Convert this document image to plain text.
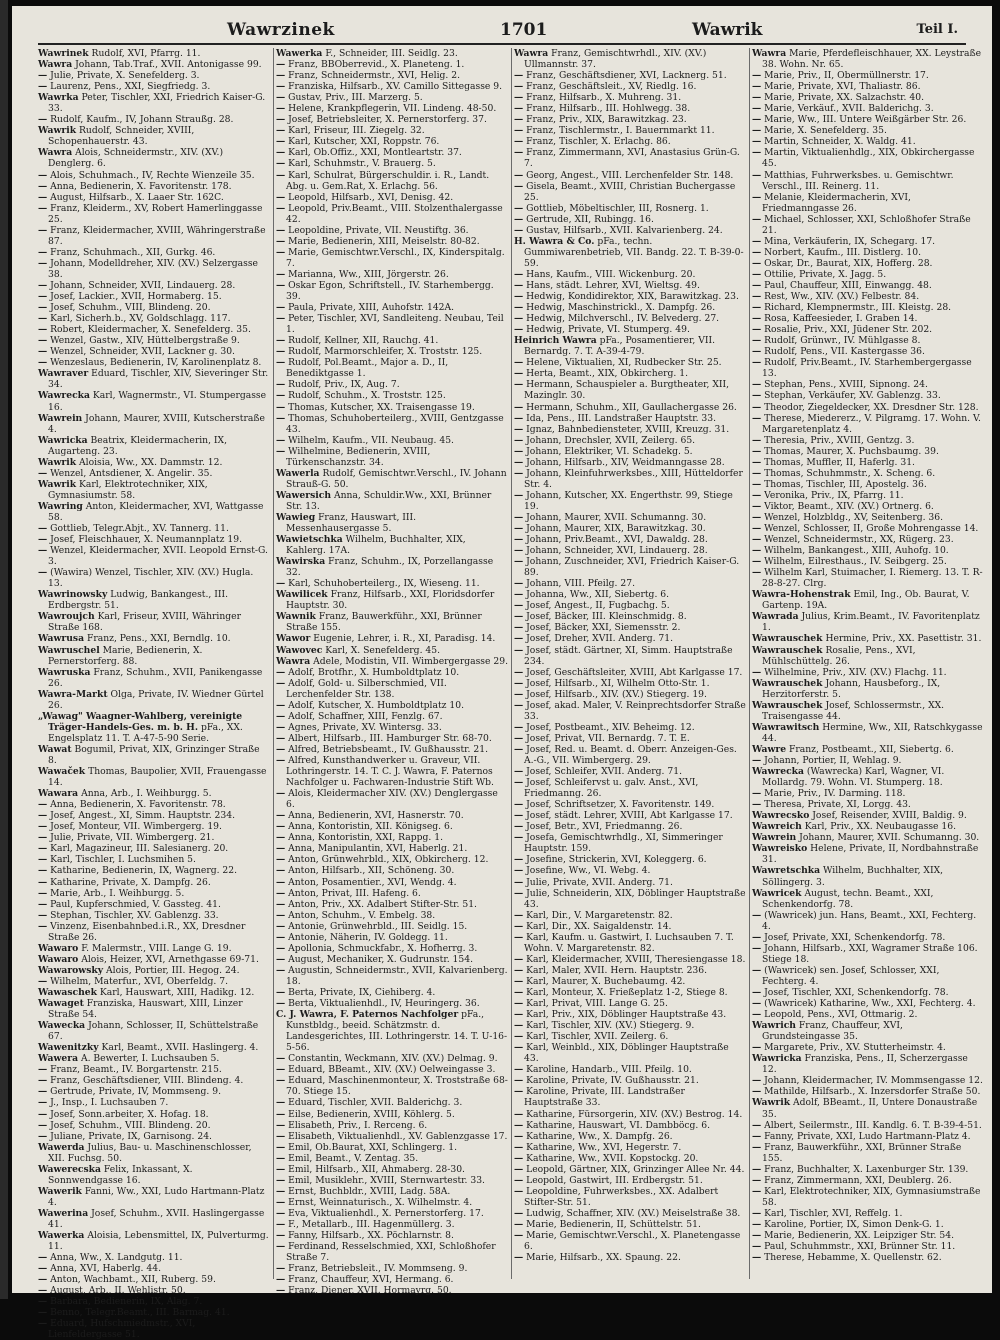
Wawrzinek	1701	Wawrik	Teil I.
Wawrinek Rudolf, XVI, Pfarrg. 11.
Wawra Johann, Tab.Traf., XVII. Antonigasse 99.
— Julie, Private, X. Senefelderg. 3.
— Laurenz, Pens., XXI, Siegfriedg. 3.
Wawrka Peter, Tischler, XXI, Friedrich Kaiser-G. 33.
— Rudolf, Kaufm., IV, Johann Straußg. 28.
Wawrik Rudolf, Schneider, XVIII, Schopenhauerstr. 43.
Wawra Alois, Schneidermstr., XIV. (XV.) Denglerg. 6.
— Alois, Schuhmach., IV, Rechte Wienzeile 35.
— Anna, Bedienerin, X. Favoritenstr. 178.
— August, Hilfsarb., X. Laaer Str. 162C.
— Franz, Kleiderm., XV, Robert Hamerlinggasse 25.
— Franz, Kleidermacher, XVIII, Währingerstraße 87.
— Franz, Schuhmach., XII, Gurkg. 46.
— Johann, Modelldreher, XIV. (XV.) Selzergasse 38.
— Johann, Schneider, XVII, Lindauerg. 28.
— Josef, Lackier., XVII, Hormaberg. 15.
— Josef, Schuhm., VIII, Blindeng. 20.
— Karl, Sicherh.b., XV, Goldschlagg. 117.
— Robert, Kleidermacher, X. Senefelderg. 35.
— Wenzel, Gastw., XIV, Hüttelbergstraße 9.
— Wenzel, Schneider, XVII, Lackner g. 30.
— Wenzeslaus, Bedienerin, IV, Karolinenplatz 8.
Wawraver Eduard, Tischler, XIV, Sieveringer Str. 34.
Wawrecka Karl, Wagnermstr., VI. Stumpergasse 16.
Wawrein Johann, Maurer, XVIII, Kutscherstraße 4.
Wawricka Beatrix, Kleidermacherin, IX, Augarteng. 23.
Wawrik Aloisia, Ww., XX. Dammstr. 12.
— Wenzel, Antsdiener, X. Angeliг. 35.
Wawrik Karl, Elektrotechniker, XIX, Gymnasiumstr. 58.
Wawring Anton, Kleidermacher, XVI, Wattgasse 58.
— Gottlieb, Telegr.Abjt., XV. Tannerg. 11.
— Josef, Fleischhauer, X. Neumannplatz 19.
— Wenzel, Kleidermacher, XVII. Leopold Ernst-G. 3.
— (Wawira) Wenzel, Tischler, XIV. (XV.) Hugla. 13.
Wawrinowsky Ludwig, Bankangest., III. Erdbergstr. 51.
Wawroujch Karl, Friseur, XVIII, Währinger Straße 168.
Wawrusa Franz, Pens., XXI, Berndlg. 10.
Wawruschel Marie, Bedienerin, X. Pernerstorferg. 88.
Wawruska Franz, Schuhm., XVII, Panikengasse 26.
Wawra-Markt Olga, Private, IV. Wiedner Gürtel 26.
„Wawag" Waagner-Wahlberg, vereinigte Träger-Handels-Ges. m. b. H. pFa., XX. Engelsplatz 11. T. A-47-5-90 Serie.
Wawat Bogumil, Privat, XIX, Grinzinger Straße 8.
Wawaček Thomas, Baupolier, XVII, Frauengasse 14.
Wawara Anna, Arb., I. Weihburgg. 5.
— Anna, Bedienerin, X. Favoritenstr. 78.
— Josef, Angest., XI, Simm. Hauptstr. 234.
— Josef, Monteur, VII. Wimbergerg. 19.
— Julie, Private, VII. Wimbergerg. 21.
— Karl, Magazineur, III. Salesianerg. 20.
— Karl, Tischler, I. Luchsmihen 5.
— Katharine, Bedienerin, IX, Wagnerg. 22.
— Katharine, Private, X. Dampfg. 26.
— Marie, Arb., I. Weihburgg. 5.
— Paul, Kupferschmied, V. Gassteg. 41.
— Stephan, Tischler, XV. Gablenzg. 33.
— Vinzenz, Eisenbahnbed.i.R., XX, Dresdner Straße 26.
Wawaro F. Malermstr., VIII. Lange G. 19.
Wawaro Alois, Heizer, XVI, Arnethgasse 69-71.
Wawarowsky Alois, Portier, III. Hegog. 24.
— Wilhelm, Materfur., XVI, Oberfeldg. 7.
Wawaschek Karl, Hauswart, XIII, Hadikg. 12.
Wawaget Franziska, Hauswart, XIII, Linzer Straße 54.
Wawecka Johann, Schlosser, II, Schüttelstraße 67.
Wawenitzky Karl, Beamt., XVII. Haslingerg. 4.
Wawera A. Bewerter, I. Luchsauben 5.
— Franz, Beamt., IV. Borgartenstr. 215.
— Franz, Geschäftsdiener, VIII. Blindeng. 4.
— Gertrude, Private, IV, Mommseng. 9.
— J., Insp., I. Luchsauben 7.
— Josef, Sonn.arbeiter, X. Hofag. 18.
— Josef, Schuhm., VIII. Blindeng. 20.
— Juliane, Private, IX, Garnisong. 24.
Wawerda Julius, Bau- u. Maschinenschlosser, XII. Fuchsg. 50.
Wawerecska Felix, Inkassant, X. Sonnwendgasse 16.
Wawerik Fanni, Ww., XXI, Ludo Hartmann-Platz 4.
Wawerina Josef, Schuhm., XVII. Haslingergasse 41.
Wawerka Aloisia, Lebensmittel, IX, Pulverturmg. 11.
— Anna, Ww., X. Landgutg. 11.
— Anna, XVI, Haberlg. 44.
— Anton, Wachbamt., XII, Ruberg. 59.
— August, Arb., II. Wehlistr. 50.
— Barbara, Bedienerin, IX, Alag. 7.
— Benno, Telegr.Beamt., III. Barmag. 41.
— Eduard, Hufschmiedmstr., XVI, Lienfeldergasse 51.
Wawerka F., Schneider, III. Seidlg. 23.
— Franz, BBOberrevid., X. Planeteng. 1.
— Franz, Schneidermstr., XVI, Helig. 2.
— Franziska, Hilfsarb., XV. Camillo Sittegasse 9.
— Gustav, Priv., III. Marzerg. 5.
— Helene, Krankpflegerin, VII. Lindeng. 48-50.
— Josef, Betriebsleiter, X. Pernerstorferg. 37.
— Karl, Friseur, III. Ziegelg. 32.
— Karl, Kutscher, XXI, Roppstr. 76.
— Karl, Ob.Offiz., XXI, Montleartstr. 37.
— Karl, Schuhmstr., V. Brauerg. 5.
— Karl, Schulrat, Bürgerschuldir. i. R., Landt. Abg. u. Gem.Rat, X. Erlachg. 56.
— Leopold, Hilfsarb., XVI, Denisg. 42.
— Leopold, Priv.Beamt., VIII. Stolzenthalergasse 42.
— Leopoldine, Private, VII. Neustiftg. 36.
— Marie, Bedienerin, XIII, Meiselstr. 80-82.
— Marie, Gemischtwr.Verschl., IX, Kinderspitalg. 7.
— Marianna, Ww., XIII, Jörgerstr. 26.
— Oskar Egon, Schriftstell., IV. Starhembergg. 39.
— Paula, Private, XIII, Auhofstr. 142A.
— Peter, Tischler, XVI, Sandleiteng. Neubau, Teil 1.
— Rudolf, Kellner, XII, Rauchg. 41.
— Rudolf, Marmorschleifer, X. Troststr. 125.
— Rudolf, Pol.Beamt., Major a. D., II, Benediktgasse 1.
— Rudolf, Priv., IX, Aug. 7.
— Rudolf, Schuhm., X. Troststr. 125.
— Thomas, Kutscher, XX. Traisengasse 19.
— Thomas, Schuhoberteilerg., XVIII, Gentzgasse 43.
— Wilhelm, Kaufm., VII. Neubaug. 45.
— Wilhelmine, Bedienerin, XVIII, Türkenschanzstr. 34.
Wawerla Rudolf, Gemischtwr.Verschl., IV. Johann Strauß-G. 50.
Wawersich Anna, Schuldir.Ww., XXI, Brünner Str. 13.
Wawieg Franz, Hauswart, III. Messenhausergasse 5.
Wawietschka Wilhelm, Buchhalter, XIX, Kahlerg. 17A.
Wawirska Franz, Schuhm., IX, Porzellangasse 32.
— Karl, Schuhoberteilerg., IX, Wieseng. 11.
Wawilicek Franz, Hilfsarb., XXI, Floridsdorfer Hauptstr. 30.
Wawnik Franz, Bauwerkführ., XXI, Brünner Straße 155.
Wawor Eugenie, Lehrer, i. R., XI, Paradisg. 14.
Wawovec Karl, X. Senefelderg. 45.
Wawra Adele, Modistin, VII. Wimbergergasse 29.
— Adolf, Brotfhr., X. Humboldtplatz 10.
— Adolf, Gold- u. Silberschmied, VII. Lerchenfelder Str. 138.
— Adolf, Kutscher, X. Humboldtplatz 10.
— Adolf, Schaffner, XIII, Fenzlg. 67.
— Agnes, Private, XV. Wintersg. 33.
— Albert, Hilfsarb., III. Hamburger Str. 68-70.
— Alfred, Betriebsbeamt., IV. Gußhausstr. 21.
— Alfred, Kunsthandwerker u. Graveur, VII. Lothringerstr. 14. T. C. J. Wawra, F. Paternos Nachfolger u. Fachwaren-Industrie Stift Wb.
— Alois, Kleidermacher XIV. (XV.) Denglergasse 6.
— Anna, Bedienerin, XVI, Hasnerstr. 70.
— Anna, Kontoristin, XII. Königseg. 6.
— Anna, Kontoristin, XXI, Rappg. 1.
— Anna, Manipulantin, XVI, Haberlg. 21.
— Anton, Grünwehrbld., XIX, Obkircherg. 12.
— Anton, Hilfsarb., XII, Schöneng. 30.
— Anton, Posamentier., XVI, Wendg. 4.
— Anton, Privat, III. Hafeng. 6.
— Anton, Priv., XX. Adalbert Stifter-Str. 51.
— Anton, Schuhm., V. Embelg. 38.
— Antonie, Grünwehrbld., III. Seidlg. 15.
— Antonie, Näherin, IV. Goldegg. 11.
— Apollonia, Schmuckfabr., X. Hofherrg. 3.
— August, Mechaniker, X. Gudrunstr. 154.
— Augustin, Schneidermstr., XVII, Kalvarienberg. 18.
— Berta, Private, IX, Ciehiberg. 4.
— Berta, Viktualienhdl., IV, Heuringerg. 36.
C. J. Wawra, F. Paternos Nachfolger pFa., Kunstbldg., beeid. Schätzmstr. d. Landesgerichtes, III. Lothringerstr. 14. T. U-16-5-56.
— Constantin, Weckmann, XIV. (XV.) Delmag. 9.
— Eduard, BBeamt., XIV. (XV.) Oelweingasse 3.
— Eduard, Maschinenmonteur, X. Troststraße 68-70. Stiege 15.
— Eduard, Tischler, XVII. Balderichg. 3.
— Eilse, Bedienerin, XVIII, Köhlerg. 5.
— Elisabeth, Priv., I. Rerceng. 6.
— Elisabeth, Viktualienhdl., XV. Gablenzgasse 17.
— Emil, Ob.Baurat, XXI, Schlingerg. 1.
— Emil, Beamt., V. Zentag. 35.
— Emil, Hilfsarb., XII, Ahmaberg. 28-30.
— Emil, Musiklehr., XVIII, Sternwartestr. 33.
— Ernst, Buchbldr., XVIII, Ladg. 58A.
— Ernst, Weinnaturisch., X. Wilhelmstr. 4.
— Eva, Viktualienhdl., X. Pernerstorferg. 17.
— F., Metallarb., III. Hagenmüllerg. 3.
— Fanny, Hilfsarb., XX. Pöchlarnstr. 8.
— Ferdinand, Resselschmied, XXI, Schloßhofer Straße 7.
— Franz, Betriebsleit., IV. Mommseng. 9.
— Franz, Chauffeur, XVI, Hermang. 6.
— Franz, Diener, XVII. Hormayrg. 50.
Wawra Franz, Gemischtwrhdl., XIV. (XV.) Ullmannstr. 37.
— Franz, Geschäftsdiener, XVI, Lacknerg. 51.
— Franz, Geschäftsleit., XV, Riedlg. 16.
— Franz, Hilfsarb., X. Muhreng. 31.
— Franz, Hilfsarb., III. Hohlwegg. 38.
— Franz, Priv., XIX, Barawitzkag. 23.
— Franz, Tischlermstr., I. Bauernmarkt 11.
— Franz, Tischler, X. Erlachg. 86.
— Franz, Zimmermann, XVI, Anastasius Grün-G. 7.
— Georg, Angest., VIII. Lerchenfelder Str. 148.
— Gisela, Beamt., XVIII, Christian Buchergasse 25.
— Gottlieb, Möbeltischler, III, Rosnerg. 1.
— Gertrude, XII, Rubingg. 16.
— Gustav, Hilfsarb., XVII. Kalvarienberg. 24.
H. Wawra & Co. pFa., techn. Gummiwarenbetrieb, VII. Bandg. 22. T. B-39-0-59.
— Hans, Kaufm., VIII. Wickenburg. 20.
— Hans, städt. Lehrer, XVI, Wieltsg. 49.
— Hedwig, Kondidirektor, XIX, Barawitzkag. 23.
— Hedwig, Maschinstrickl., X. Dampfg. 26.
— Hedwig, Milchverschl., IV. Belvederg. 27.
— Hedwig, Private, VI. Stumperg. 49.
Heinrich Wawra pFa., Posamentierer, VII. Bernardg. 7. T. A-39-4-79.
— Helene, Viktualien, XI, Rudbecker Str. 25.
— Herta, Beamt., XIX, Obkircherg. 1.
— Hermann, Schauspieler a. Burgtheater, XII, Mazinglr. 30.
— Hermann, Schuhm., XII, Gaullachergasse 26.
— Ida, Pens., III. Landstraßer Hauptstr. 33.
— Ignaz, Bahnbediensteter, XVIII, Kreuzg. 31.
— Johann, Drechsler, XVII, Zeilerg. 65.
— Johann, Elektriker, VI. Schadekg. 5.
— Johann, Hilfsarb., XIV, Weidmanngasse 28.
— Johann, Kleinfuhrwerksbes., XIII, Hütteldorfer Str. 4.
— Johann, Kutscher, XX. Engerthstr. 99, Stiege 19.
— Johann, Maurer, XVII. Schumanng. 30.
— Johann, Maurer, XIX, Barawitzkag. 30.
— Johann, Priv.Beamt., XVI, Dawaldg. 28.
— Johann, Schneider, XVI, Lindauerg. 28.
— Johann, Zuschneider, XVI, Friedrich Kaiser-G. 89.
— Johann, VIII. Pfeilg. 27.
— Johanna, Ww., XII, Siebertg. 6.
— Josef, Angest., II, Fugbachg. 5.
— Josef, Bäcker, III. Kleinschmidg. 8.
— Josef, Bäcker, XXI, Siemensstr. 2.
— Josef, Dreher, XVII. Anderg. 71.
— Josef, städt. Gärtner, XI, Simm. Hauptstraße 234.
— Josef, Geschäftsleiter, XVIII, Abt Karlgasse 17.
— Josef, Hilfsarb., XI, Wilhelm Otto-Str. 1.
— Josef, Hilfsarb., XIV. (XV.) Stiegerg. 19.
— Josef, akad. Maler, V. Reinprechtsdorfer Straße 33.
— Josef, Postbeamt., XIV. Beheimg. 12.
— Josef, Privat, VII. Bernardg. 7. T. E.
— Josef, Red. u. Beamt. d. Oberr. Anzeigen-Ges. A.-G., VII. Wimbergerg. 29.
— Josef, Schleifer, XVII. Anderg. 71.
— Josef, Schleifervst u. galv. Anst., XVI, Friedmanng. 26.
— Josef, Schriftsetzer, X. Favoritenstr. 149.
— Josef, städt. Lehrer, XVIII, Abt Karlgasse 17.
— Josef, Betr., XVI, Friedmanng. 26.
— Josefa, Gemischtwrhdlg., XI, Simmeringer Hauptstr. 159.
— Josefine, Strickerin, XVI, Koleggerg. 6.
— Josefine, Ww., VI. Webg. 4.
— Julie, Private, XVII. Anderg. 71.
— Julie, Schneiderin, XIX, Döblinger Hauptstraße 43.
— Karl, Dir., V. Margaretenstr. 82.
— Karl, Dir., XX. Saigaldenstr. 14.
— Karl, Kaufm. u. Gastwirt, I. Luchsauben 7. T. Wohn. V. Margaretenstr. 82.
— Karl, Kleidermacher, XVIII, Theresiengasse 18.
— Karl, Maler, XVII. Hern. Hauptstr. 236.
— Karl, Maurer, X. Buchebaumg. 42.
— Karl, Monteur, X. Frießeplatz 1-2, Stiege 8.
— Karl, Privat, VIII. Lange G. 25.
— Karl, Priv., XIX, Döblinger Hauptstraße 43.
— Karl, Tischler, XIV. (XV.) Stiegerg. 9.
— Karl, Tischler, XVII. Zeilerg. 6.
— Karl, Weinbld., XIX, Döblinger Hauptstraße 43.
— Karoline, Handarb., VIII. Pfeilg. 10.
— Karoline, Private, IV. Gußhausstr. 21.
— Karoline, Private, III. Landstraßer Hauptstraße 33.
— Katharine, Fürsorgerin, XIV. (XV.) Bestrog. 14.
— Katharine, Hauswart, VI. Dambböcg. 6.
— Katharine, Ww., X. Dampfg. 26.
— Katharine, Ww., XVI, Hegerstr. 7.
— Katharine, Ww., XVII. Kopstockg. 20.
— Leopold, Gärtner, XIX, Grinzinger Allee Nr. 44.
— Leopold, Gastwirt, III. Erdbergstr. 51.
— Leopoldine, Fuhrwerksbes., XX. Adalbert Stifter-Str. 51.
— Ludwig, Schaffner, XIV. (XV.) Meiselstraße 38.
— Marie, Bedienerin, II, Schüttelstr. 51.
— Marie, Gemischtwr.Verschl., X. Planetengasse 6.
— Marie, Hilfsarb., XX. Spaung. 22.
Wawra Marie, Pferdefleischhauer, XX. Leystraße 38. Wohn. Nr. 65.
— Marie, Priv., II, Obermüllnerstr. 17.
— Marie, Private, XVI, Thaliastr. 86.
— Marie, Private, XX. Salzachstr. 40.
— Marie, Verkäuf., XVII. Balderichg. 3.
— Marie, Ww., III. Untere Weißgärber Str. 26.
— Marie, X. Senefelderg. 35.
— Martin, Schneider, X. Waldg. 41.
— Martin, Viktualienhdlg., XIX, Obkirchergasse 45.
— Matthias, Fuhrwerksbes. u. Gemischtwr. Verschl., III. Reinerg. 11.
— Melanie, Kleidermacherin, XVI, Friedmanngasse 26.
— Michael, Schlosser, XXI, Schloßhofer Straße 21.
— Mina, Verkäuferin, IX, Schegarg. 17.
— Norbert, Kaufm., III. Distlerg. 10.
— Oskar, Dr., Baurat, XIX, Hofferg. 28.
— Ottilie, Private, X. Jagg. 5.
— Paul, Chauffeur, XIII, Einwangg. 48.
— Rest, Ww., XIV. (XV.) Felbestr. 84.
— Richard, Klempnermstr., III. Kleistg. 28.
— Rosa, Kaffeesieder, I. Graben 14.
— Rosalie, Priv., XXI, Jüdener Str. 202.
— Rudolf, Grünwr., IV. Mühlgasse 8.
— Rudolf, Pens., VII. Kastergasse 36.
— Rudolf, Priv.Beamt., IV. Starhembergergasse 13.
— Stephan, Pens., XVIII, Sipnong. 24.
— Stephan, Verkäufer, XV. Gablenzg. 33.
— Theodor, Ziegeldecker, XX. Dresdner Str. 128.
— Therese, Miedererz., V. Pilgramg. 17. Wohn. V. Margaretenplatz 4.
— Theresia, Priv., XVIII, Gentzg. 3.
— Thomas, Maurer, X. Puchsbaumg. 39.
— Thomas, Muffler, II, Haferlg. 31.
— Thomas, Schuhmmstr., X. Scheng. 6.
— Thomas, Tischler, III, Apostelg. 36.
— Veronika, Priv., IX, Pfarrg. 11.
— Viktor, Beamt., XIV. (XV.) Ortnerg. 6.
— Wenzel, Holzbldg., XV, Seitenberg. 36.
— Wenzel, Schlosser, II, Große Mohrengasse 14.
— Wenzel, Schneidermstr., XX, Rügerg. 23.
— Wilhelm, Bankangest., XIII, Auhofg. 10.
— Wilhelm, Eilresthaus., IV. Seibgerg. 25.
— Wilhelm Karl, Stuimacher, I. Riemerg. 13. T. R-28-8-27. Clrg.
Wawra-Hohenstrak Emil, Ing., Ob. Baurat, V. Gartenp. 19A.
Wawrada Julius, Krim.Beamt., IV. Favoritenplatz 1.
Wawrauschek Hermine, Priv., XX. Pasettistr. 31.
Wawrauschek Rosalie, Pens., XVI, Mühlschüttelg. 26.
— Wilhelmine, Priv., XIV. (XV.) Flachg. 11.
Wawrauschek Johann, Hausbeforg., IX, Herzitorferstr. 5.
Wawrauschek Josef, Schlossermstr., XX. Traisengasse 44.
Wawrawitsch Hermine, Ww., XII, Ratschkygasse 44.
Wawre Franz, Postbeamt., XII, Siebertg. 6.
— Johann, Portier, II, Wehlag. 9.
Wawrecka (Wawrecka) Karl, Wagner, VI. Mollardg. 79. Wohn. VI. Stumperg. 18.
— Marie, Priv., IV. Darming. 118.
— Theresa, Private, XI, Lorgg. 43.
Wawrecsko Josef, Reisender, XVIII, Baldig. 9.
Wawreich Karl, Priv., XX. Neubaugasse 16.
Wawrein Johann, Maurer, XVII. Schumanng. 30.
Wawreisko Helene, Private, II, Nordbahnstraße 31.
Wawretschka Wilhelm, Buchhalter, XIX, Söllingerg. 3.
Wawricek August, techn. Beamt., XXI, Schenkendorfg. 78.
— (Wawricek) jun. Hans, Beamt., XXI, Fechterg. 4.
— Josef, Private, XXI, Schenkendorfg. 78.
— Johann, Hilfsarb., XXI, Wagramer Straße 106. Stiege 18.
— (Wawricek) sen. Josef, Schlosser, XXI, Fechterg. 4.
— Josef, Tischler, XXI, Schenkendorfg. 78.
— (Wawricek) Katharine, Ww., XXI, Fechterg. 4.
— Leopold, Pens., XVI, Ottmarig. 2.
Wawrich Franz, Chauffeur, XVI, Grundsteingasse 35.
— Margarete, Priv., XV. Stutterheimstr. 4.
Wawricka Franziska, Pens., II, Scherzergasse 12.
— Johann, Kleidermacher, IV. Mommsengasse 12.
— Mathilde, Hilfsarb., X. Inzersdorfer Straße 50.
Wawrik Adolf, BBeamt., II, Untere Donaustraße 35.
— Albert, Seilermstr., III. Kandlg. 6. T. B-39-4-51.
— Fanny, Private, XXI, Ludo Hartmann-Platz 4.
— Franz, Bauwerkführ., XXI, Brünner Straße 155.
— Franz, Buchhalter, X. Laxenburger Str. 139.
— Franz, Zimmermann, XXI, Deublerg. 26.
— Karl, Elektrotechniker, XIX, Gymnasiumstraße 58.
— Karl, Tischler, XVI, Reffelg. 1.
— Karoline, Portier, IX, Simon Denk-G. 1.
— Marie, Bedienerin, XX. Leipziger Str. 54.
— Paul, Schuhmmstr., XXI, Brünner Str. 11.
— Therese, Hebamme, X. Quellenstr. 62.
